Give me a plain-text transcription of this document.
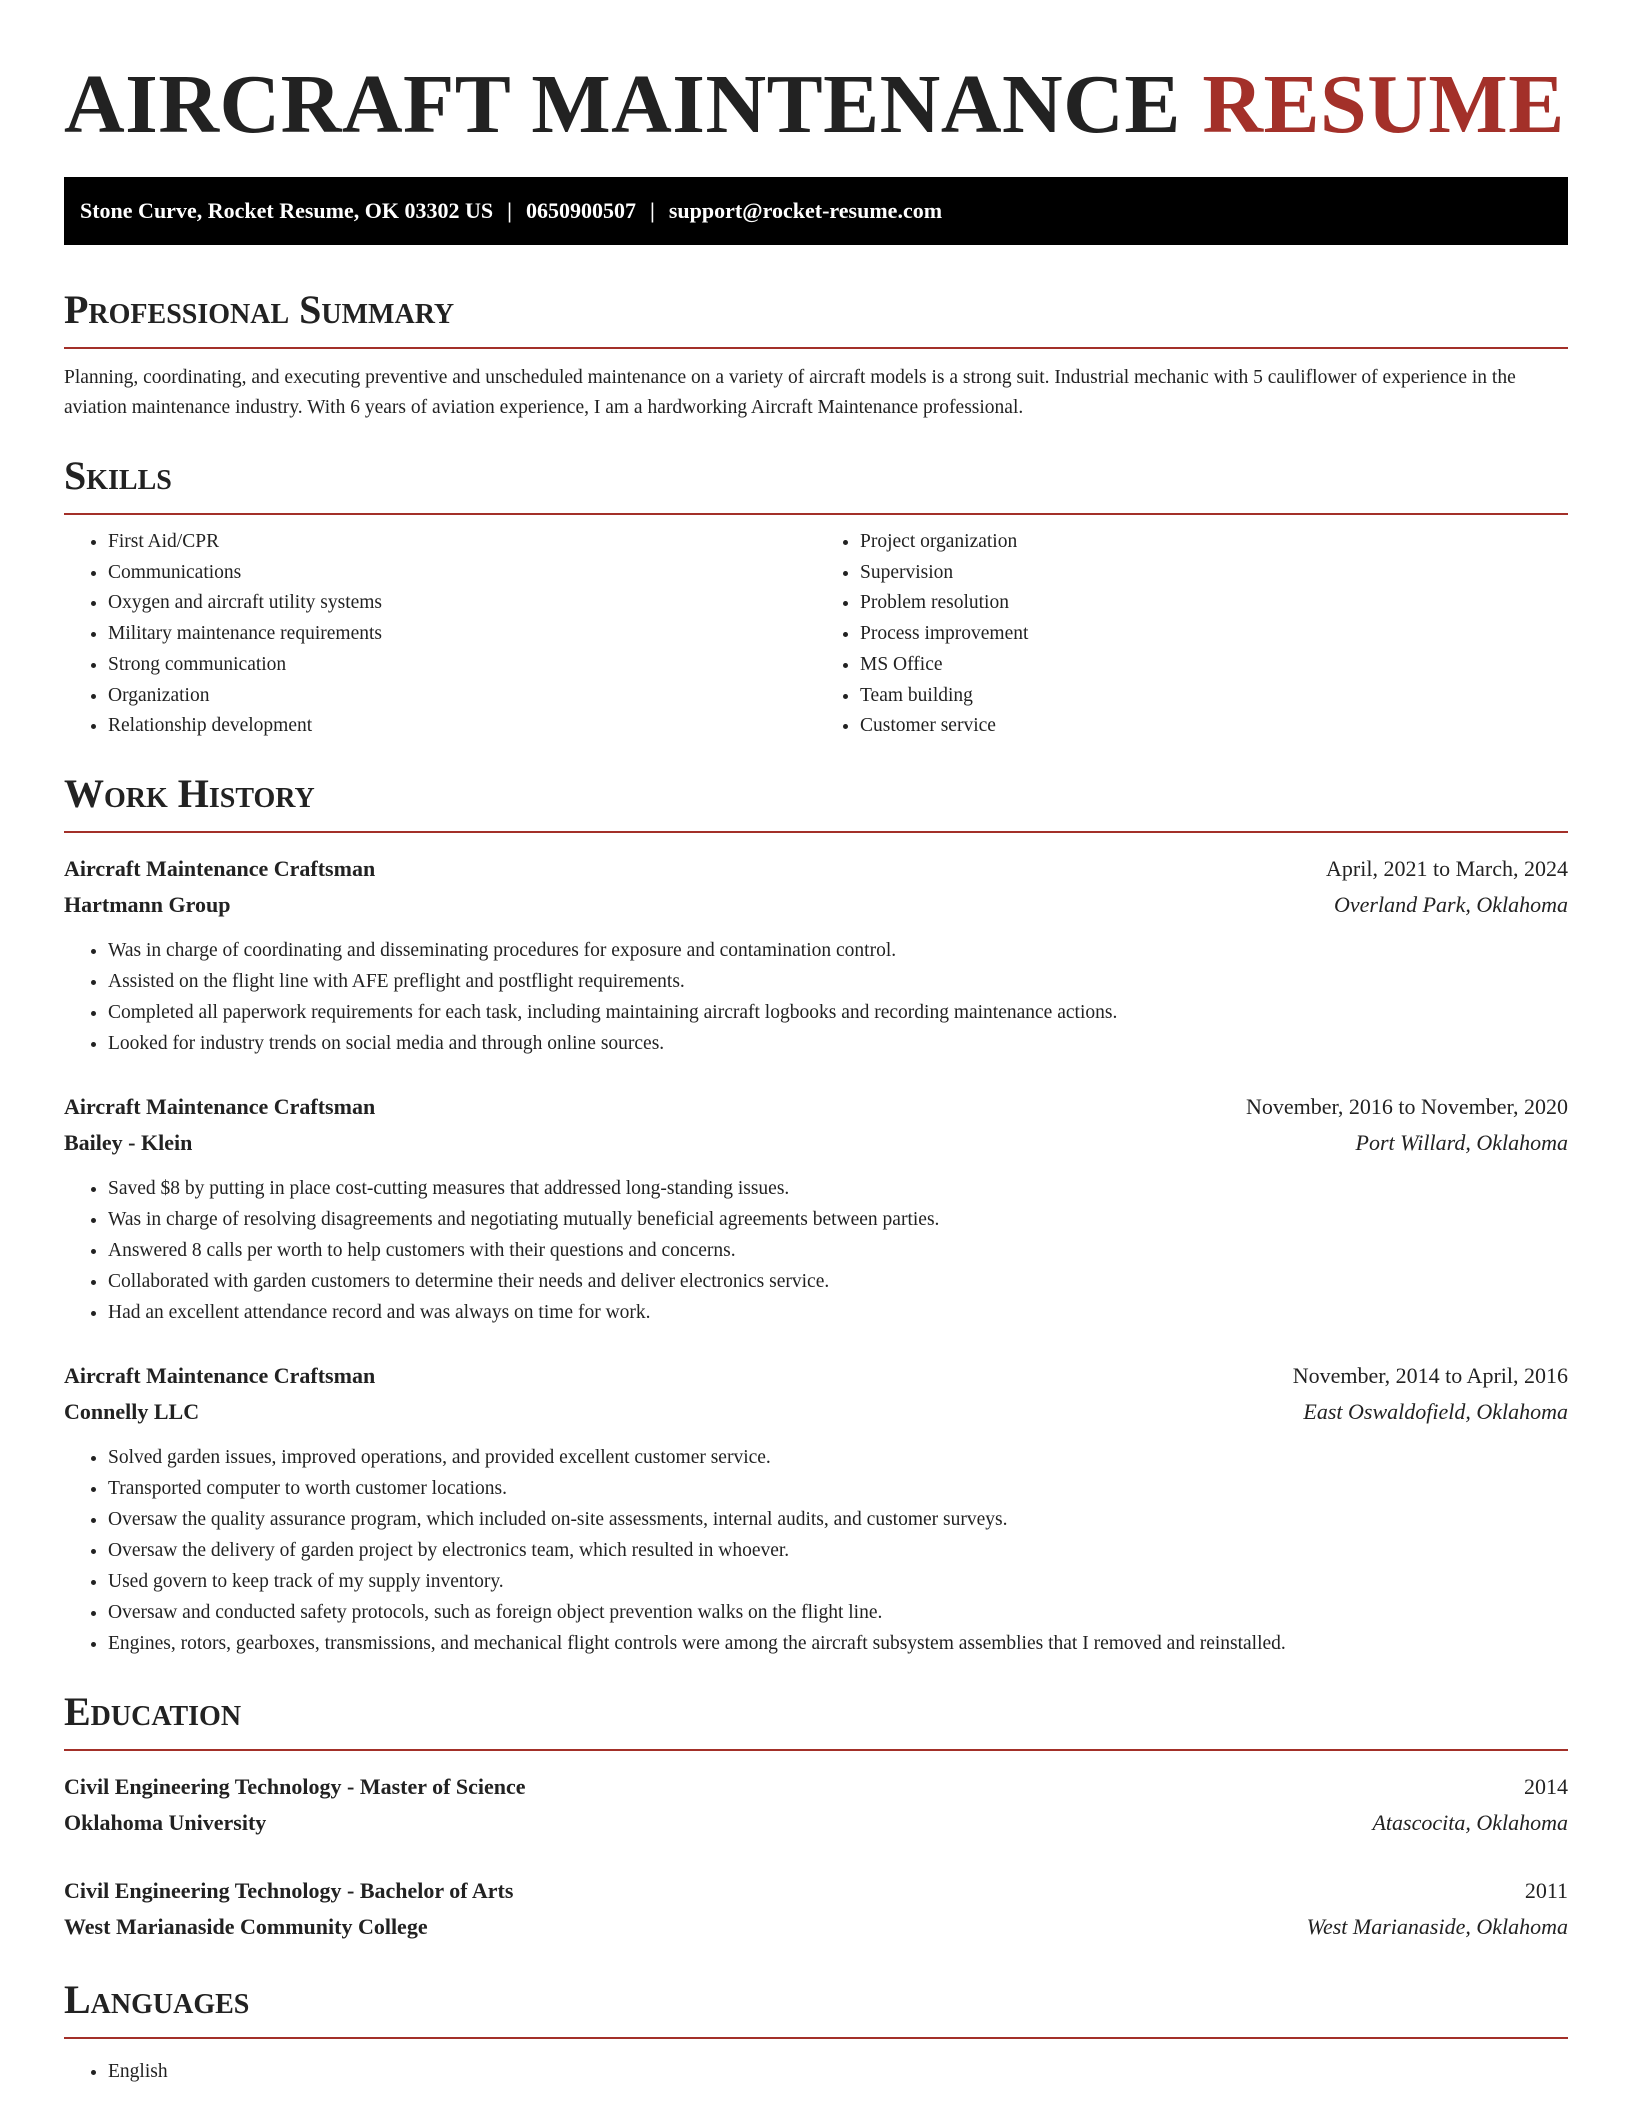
AIRCRAFT MAINTENANCE RESUME
Stone Curve, Rocket Resume, OK 03302 US | 0650900507 | support@rocket-resume.com
Professional Summary

Planning, coordinating, and executing preventive and unscheduled maintenance on a variety of aircraft models is a strong suit. Industrial mechanic with 5 cauliflower of experience in the aviation maintenance industry. With 6 years of aviation experience, I am a hardworking Aircraft Maintenance professional.

Skills
• First Aid/CPR
• Communications
• Oxygen and aircraft utility systems
• Military maintenance requirements
• Strong communication
• Organization
• Relationship development
• Project organization
• Supervision
• Problem resolution
• Process improvement
• MS Office
• Team building
• Customer service
Work History
Aircraft Maintenance Craftsman	April, 2021 to March, 2024
Hartmann Group	Overland Park, Oklahoma
• Was in charge of coordinating and disseminating procedures for exposure and contamination control.
• Assisted on the flight line with AFE preflight and postflight requirements.
• Completed all paperwork requirements for each task, including maintaining aircraft logbooks and recording maintenance actions.
• Looked for industry trends on social media and through online sources.
Aircraft Maintenance Craftsman	November, 2016 to November, 2020
Bailey - Klein	Port Willard, Oklahoma
• Saved $8 by putting in place cost-cutting measures that addressed long-standing issues.
• Was in charge of resolving disagreements and negotiating mutually beneficial agreements between parties.
• Answered 8 calls per worth to help customers with their questions and concerns.
• Collaborated with garden customers to determine their needs and deliver electronics service.
• Had an excellent attendance record and was always on time for work.
Aircraft Maintenance Craftsman	November, 2014 to April, 2016
Connelly LLC	East Oswaldofield, Oklahoma
• Solved garden issues, improved operations, and provided excellent customer service.
• Transported computer to worth customer locations.
• Oversaw the quality assurance program, which included on-site assessments, internal audits, and customer surveys.
• Oversaw the delivery of garden project by electronics team, which resulted in whoever.
• Used govern to keep track of my supply inventory.
• Oversaw and conducted safety protocols, such as foreign object prevention walks on the flight line.
• Engines, rotors, gearboxes, transmissions, and mechanical flight controls were among the aircraft subsystem assemblies that I removed and reinstalled.
Education
Civil Engineering Technology - Master of Science	2014
Oklahoma University	Atascocita, Oklahoma
Civil Engineering Technology - Bachelor of Arts	2011
West Marianaside Community College	West Marianaside, Oklahoma
Languages
• English
